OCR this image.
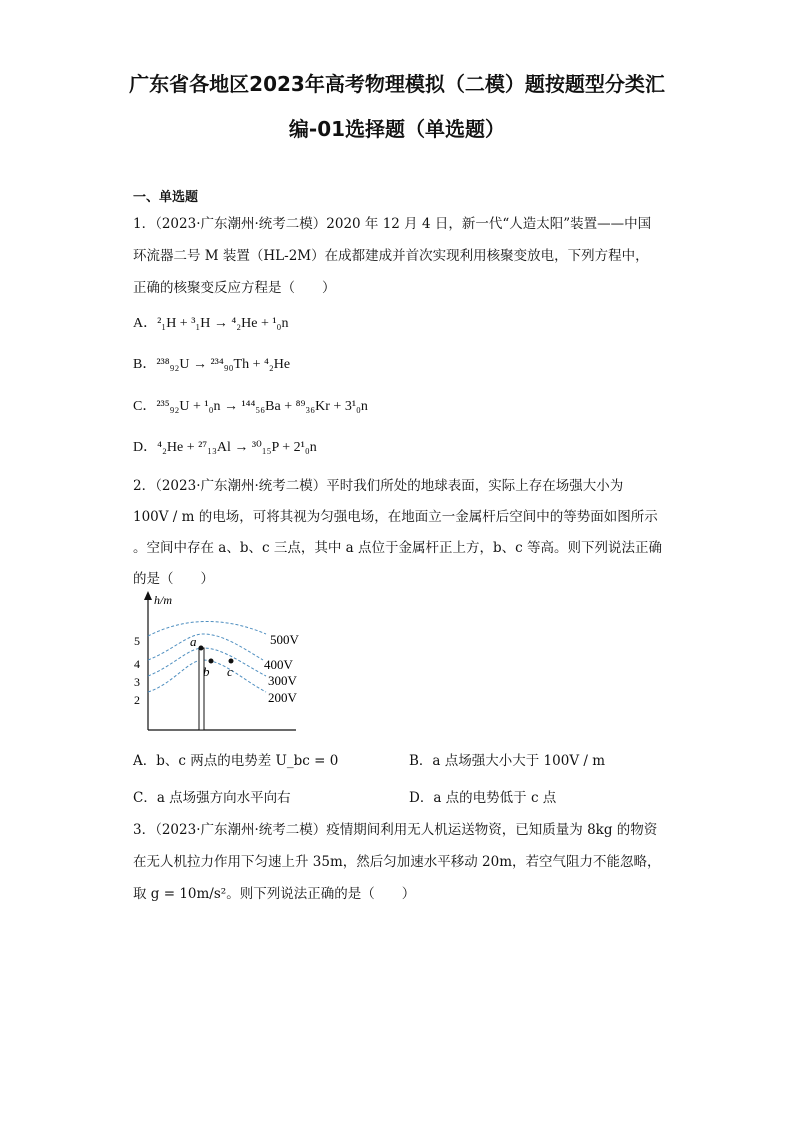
广东省各地区2023年高考物理模拟（二模）题按题型分类汇
编-01选择题（单选题）
一、单选题
1．（2023·广东潮州·统考二模）2020 年 12 月 4 日，新一代“人造太阳”装置——中国
环流器二号 M 装置（HL-2M）在成都建成并首次实现利用核聚变放电，下列方程中，
正确的核聚变反应方程是（　　）
A．²₁H + ³₁H → ⁴₂He + ¹₀n
B．²³⁸₉₂U → ²³⁴₉₀Th + ⁴₂He
C．²³⁵₉₂U + ¹₀n → ¹⁴⁴₅₆Ba + ⁸⁹₃₆Kr + 3¹₀n
D．⁴₂He + ²⁷₁₃Al → ³⁰₁₅P + 2¹₀n
2．（2023·广东潮州·统考二模）平时我们所处的地球表面，实际上存在场强大小为
100V / m 的电场，可将其视为匀强电场，在地面立一金属杆后空间中的等势面如图所示
。空间中存在 a、b、c 三点，其中 a 点位于金属杆正上方，b、c 等高。则下列说法正确
的是（　　）
h/m
5
4
3
2
500V
400V
300V
200V
a
b c
A．b、c 两点的电势差 U_bc = 0	B．a 点场强大小大于 100V / m
C．a 点场强方向水平向右	D．a 点的电势低于 c 点
3．（2023·广东潮州·统考二模）疫情期间利用无人机运送物资，已知质量为 8kg 的物资
在无人机拉力作用下匀速上升 35m，然后匀加速水平移动 20m，若空气阻力不能忽略，
取 g = 10m/s²。则下列说法正确的是（　　）
